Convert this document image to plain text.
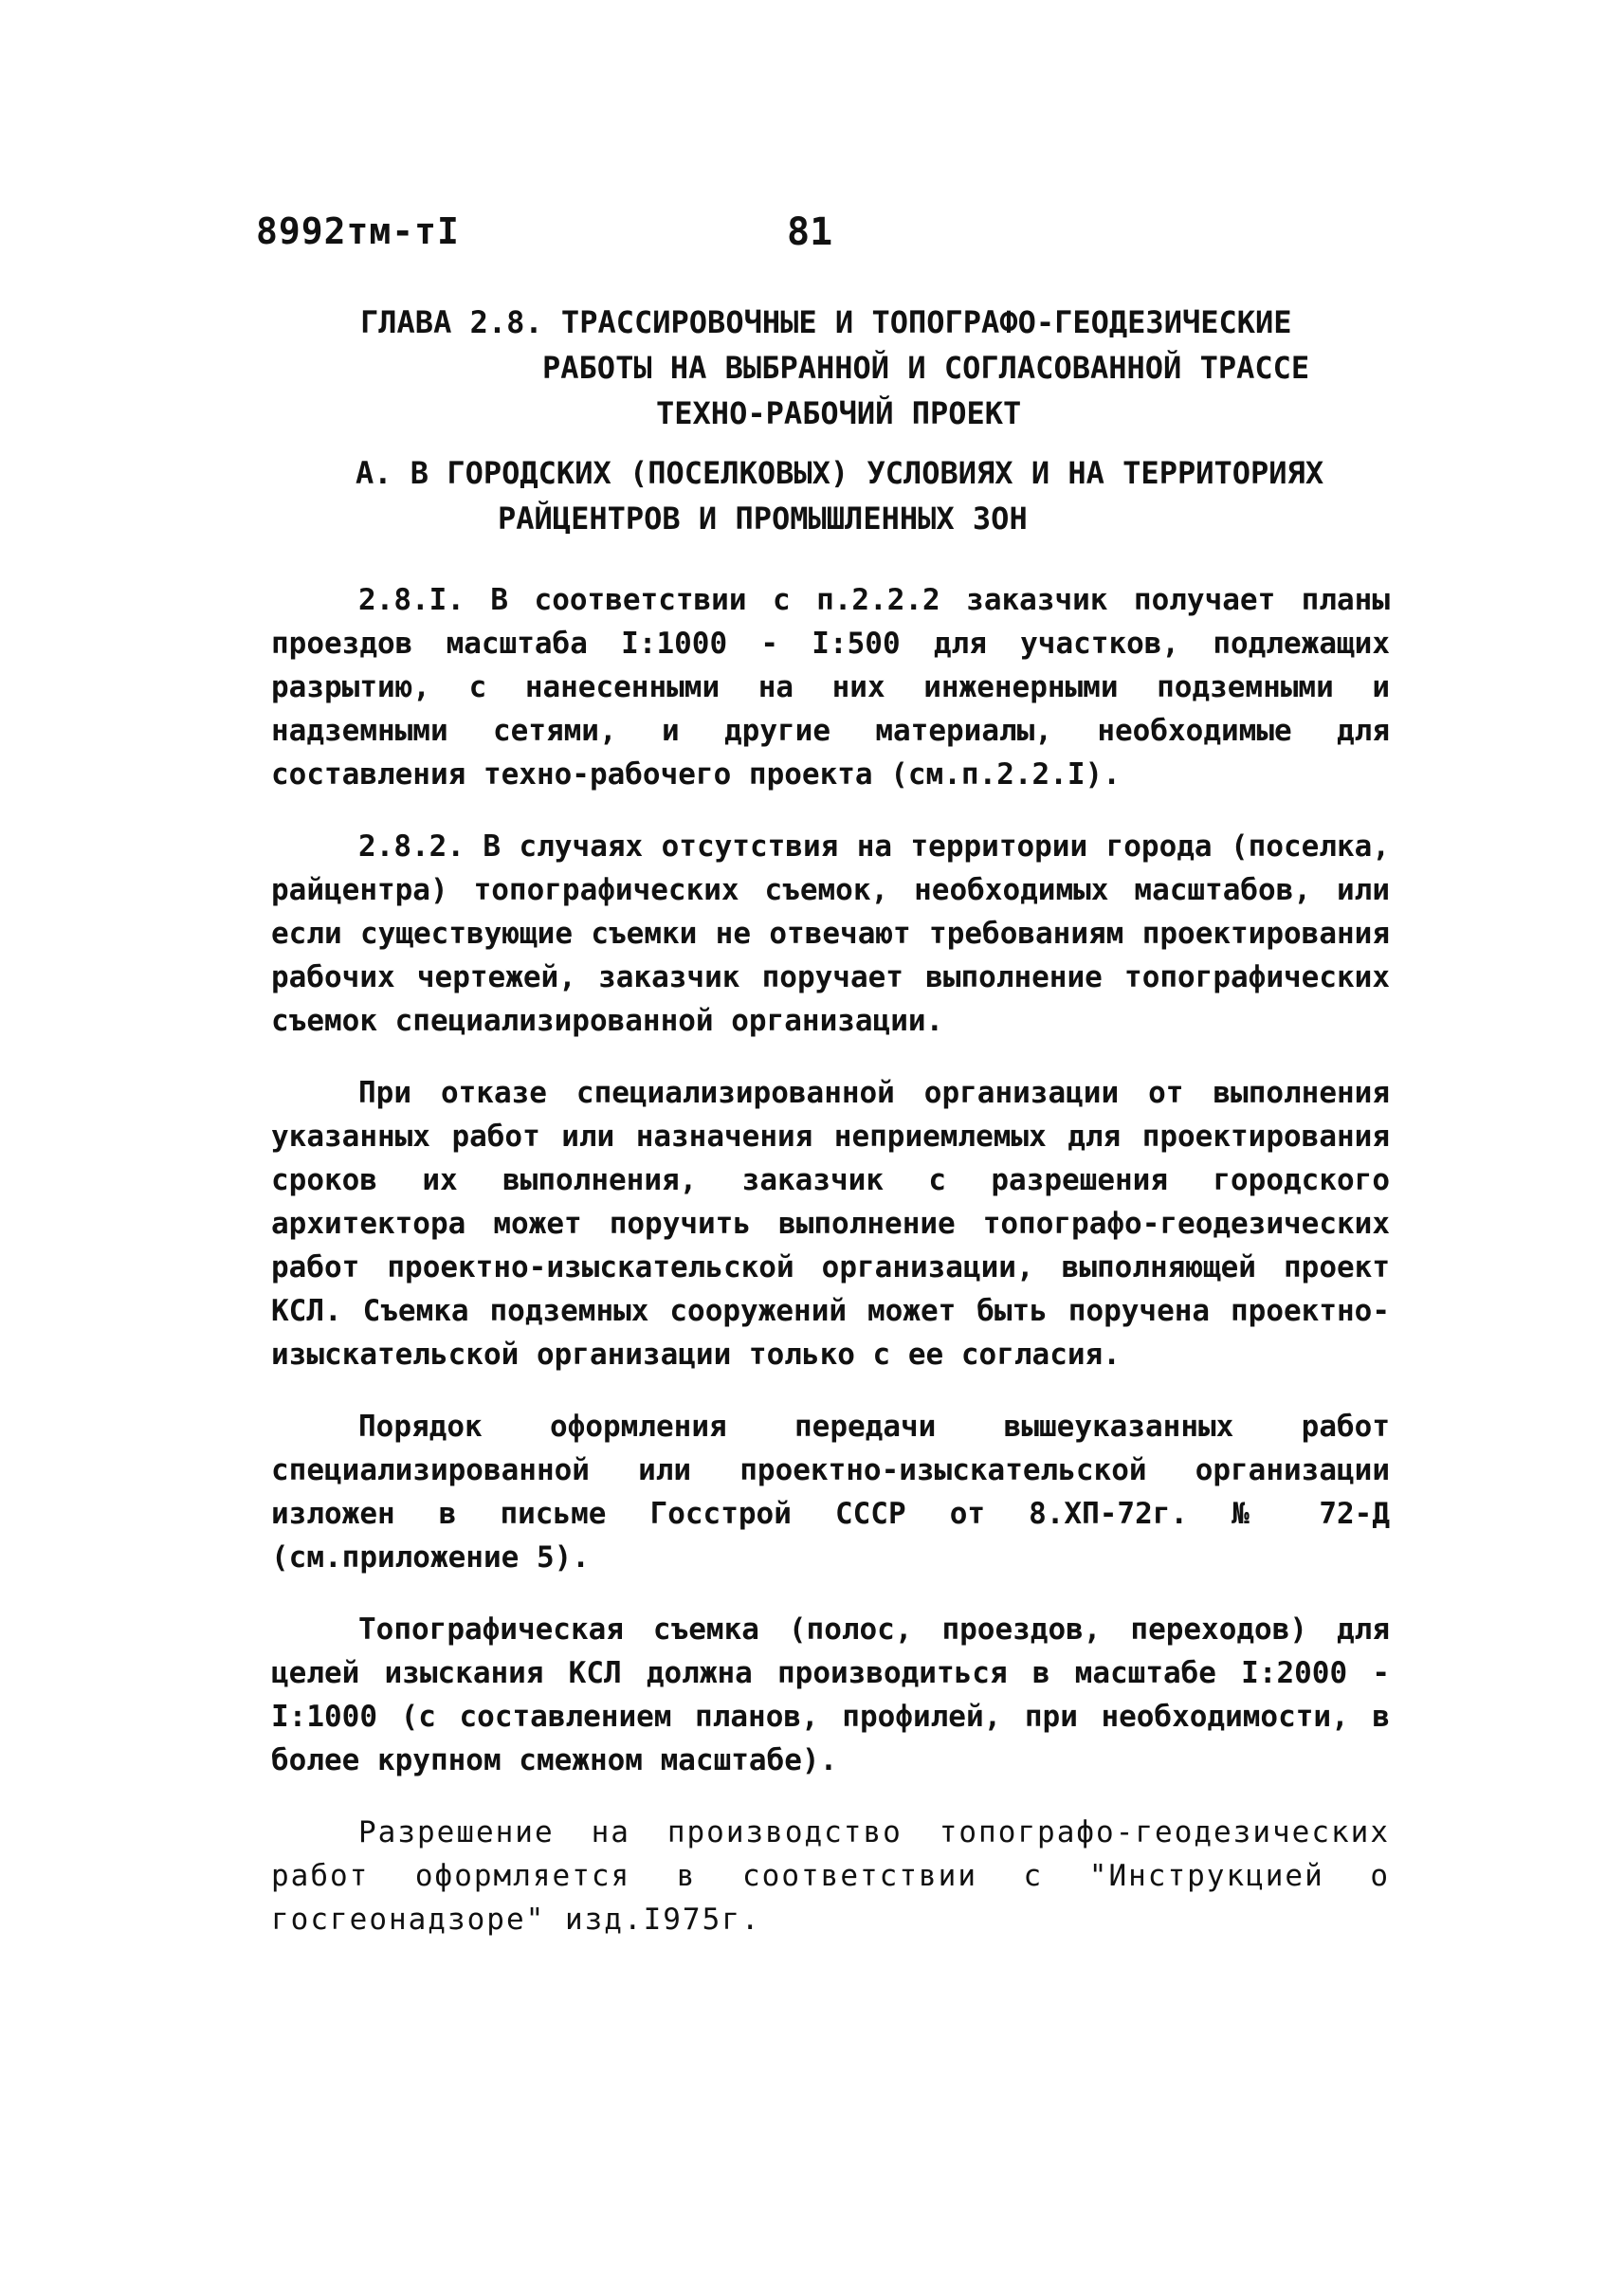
8992тм-тI	81
ГЛАВА 2.8. ТРАССИРОВОЧНЫЕ И ТОПОГРАФО-ГЕОДЕЗИЧЕСКИЕ
РАБОТЫ НА ВЫБРАННОЙ И СОГЛАСОВАННОЙ ТРАССЕ
ТЕХНО-РАБОЧИЙ ПРОЕКТ
А. В ГОРОДСКИХ (ПОСЕЛКОВЫХ) УСЛОВИЯХ И НА ТЕРРИТОРИЯХ
РАЙЦЕНТРОВ И ПРОМЫШЛЕННЫХ ЗОН

2.8.I. В соответствии с п.2.2.2 заказчик получает планы проездов масштаба I:1000 - I:500 для участков, подлежащих разрытию, с нанесенными на них инженерными подземными и надземными сетями, и другие материалы, необходимые для составления техно-рабочего проекта (см.п.2.2.I).

2.8.2. В случаях отсутствия на территории города (поселка, райцентра) топографических съемок, необходимых масштабов, или если существующие съемки не отвечают требованиям проектирования рабочих чертежей, заказчик поручает выполнение топографических съемок специализированной организации.

При отказе специализированной организации от выполнения указанных работ или назначения неприемлемых для проектирования сроков их выполнения, заказчик с разрешения городского архитектора может поручить выполнение топографо-геодезических работ проектно-изыскательской организации, выполняющей проект КСЛ. Съемка подземных сооружений может быть поручена проектно-изыскательской организации только с ее согласия.

Порядок оформления передачи вышеуказанных работ специализированной или проектно-изыскательской организации изложен в письме Госстрой СССР от 8.ХП-72г. № 72-Д (см.приложение 5).

Топографическая съемка (полос, проездов, переходов) для целей изыскания КСЛ должна производиться в масштабе I:2000 - I:1000 (с составлением планов, профилей, при необходимости, в более крупном смежном масштабе).

Разрешение на производство топографо-геодезических работ оформляется в соответствии с "Инструкцией о госгеонадзоре" изд.I975г.
